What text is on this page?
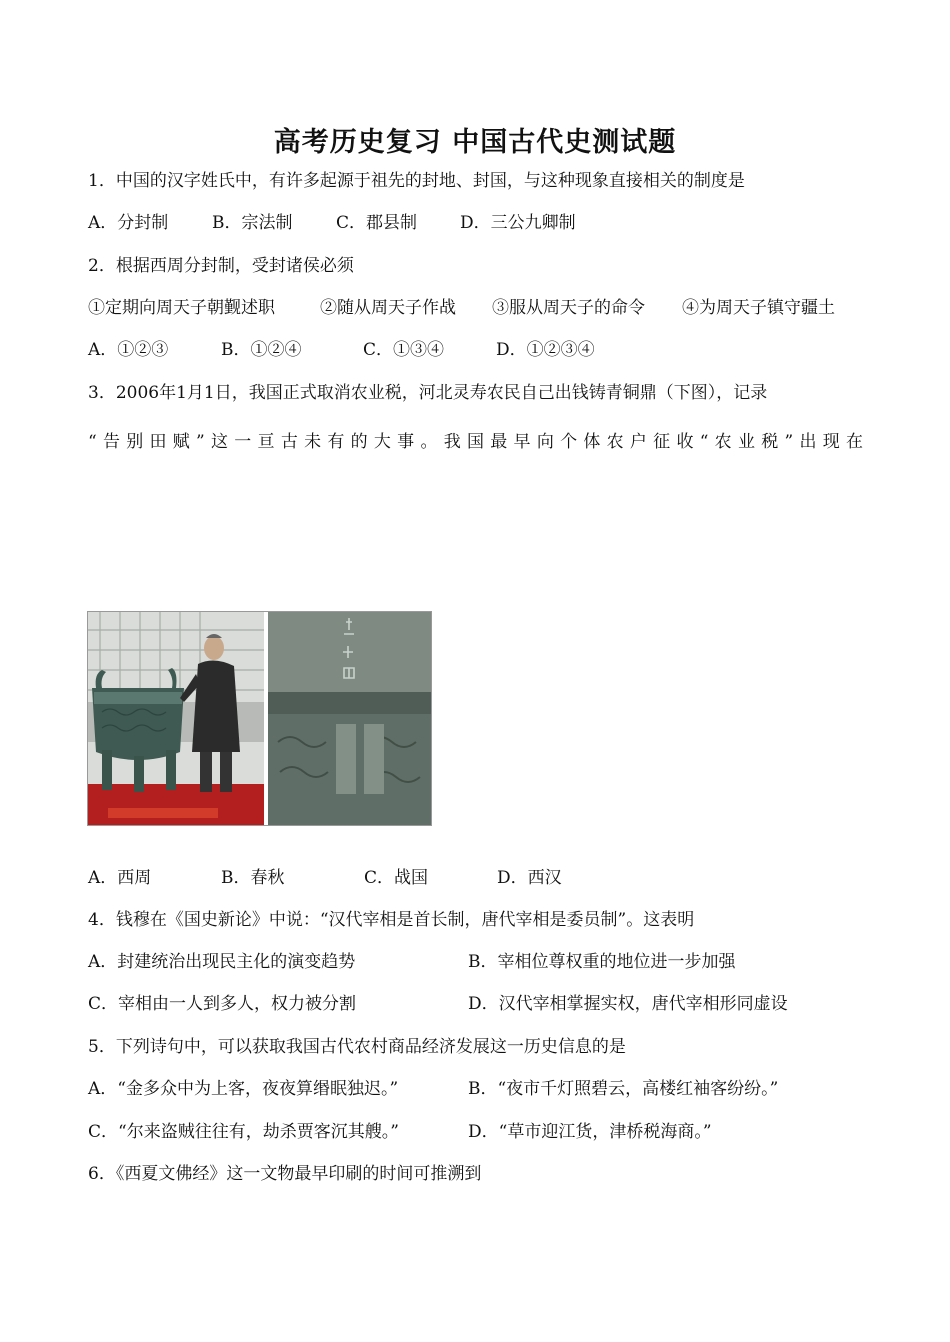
高考历史复习 中国古代史测试题
1．中国的汉字姓氏中，有许多起源于祖先的封地、封国，与这种现象直接相关的制度是
A．分封制	B．宗法制	C．郡县制	D．三公九卿制
2．根据西周分封制，受封诸侯必须
①定期向周天子朝觐述职	②随从周天子作战 ③服从周天子的命令 ④为周天子镇守疆土
A．①②③	B．①②④	C．①③④	D．①②③④
3．2006年1月1日，我国正式取消农业税，河北灵寿农民自己出钱铸青铜鼎（下图），记录
“告别田赋”这一亘古未有的大事。我国最早向个体农户征收“农业税”出现在
A．西周	B．春秋	C．战国	D．西汉
4．钱穆在《国史新论》中说：“汉代宰相是首长制，唐代宰相是委员制”。这表明
A．封建统治出现民主化的演变趋势	B．宰相位尊权重的地位进一步加强
C．宰相由一人到多人，权力被分割	D．汉代宰相掌握实权，唐代宰相形同虚设
5．下列诗句中，可以获取我国古代农村商品经济发展这一历史信息的是
A．“金多众中为上客，夜夜算缗眠独迟。”	B．“夜市千灯照碧云，高楼红袖客纷纷。”
C．“尔来盗贼往往有，劫杀贾客沉其艘。”	D．“草市迎江货，津桥税海商。”
6．《西夏文佛经》这一文物最早印刷的时间可推溯到
